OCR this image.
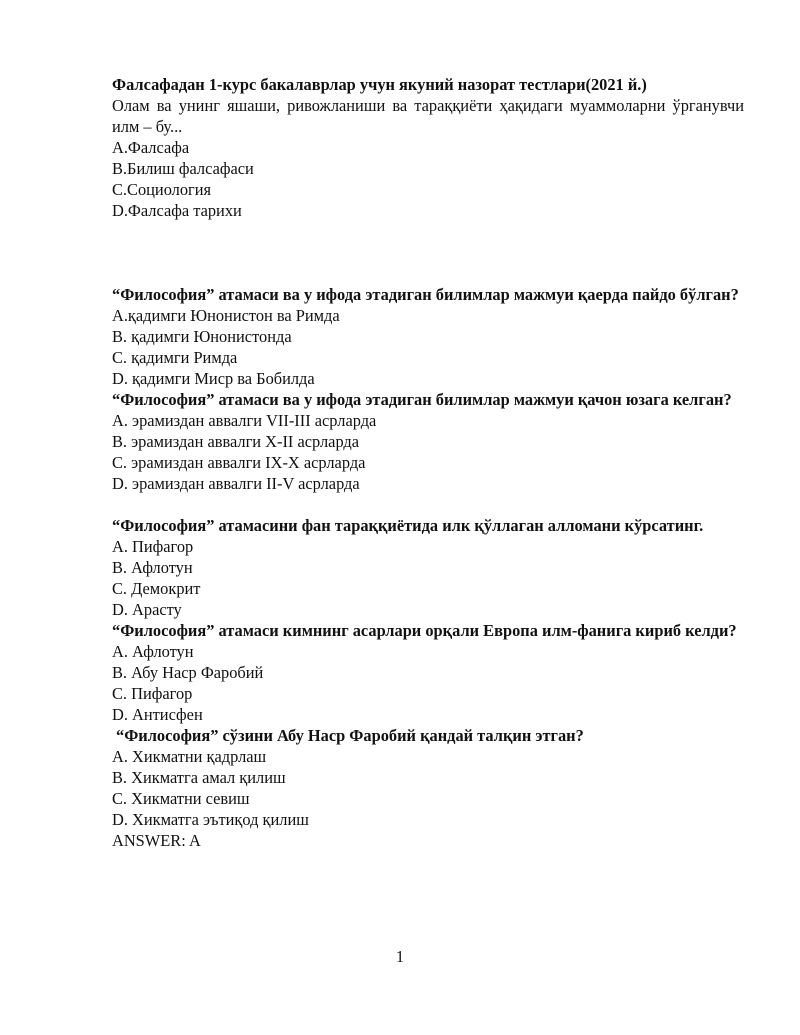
Фалсафадан 1-курс бакалаврлар учун якуний назорат тестлари(2021 й.)

Олам ва унинг яшаши, ривожланиши ва тараққиёти ҳақидаги муаммоларни ўрганувчи илм – бу...

A.Фалсафа

B.Билиш фалсафаси

C.Социология

D.Фалсафа тарихи

“Философия” атамаси ва у ифода этадиган билимлар мажмуи қаерда пайдо бўлган?

A.қадимги Юнонистон ва Римда

B. қадимги Юнонистонда

C. қадимги Римда

D. қадимги Миср ва Бобилда

“Философия” атамаси ва у ифода этадиган билимлар мажмуи қачон юзага келган?

A. эрамиздан аввалги VII-III асрларда

B. эрамиздан аввалги X-II асрларда

C. эрамиздан аввалги IX-X асрларда

D. эрамиздан аввалги II-V асрларда

“Философия” атамасини фан тараққиётида илк қўллаган алломани кўрсатинг.

A. Пифагор

B. Афлотун

C. Демокрит

D. Арасту

“Философия” атамаси кимнинг асарлари орқали Европа илм-фанига кириб келди?

A. Афлотун

B. Абу Наср Фаробий

C. Пифагор

D. Антисфен

“Философия” сўзини Абу Наср Фаробий қандай талқин этган?

A. Хикматни қадрлаш

B. Хикматга амал қилиш

C. Хикматни севиш

D. Хикматга эътиқод қилиш

ANSWER: A

1
